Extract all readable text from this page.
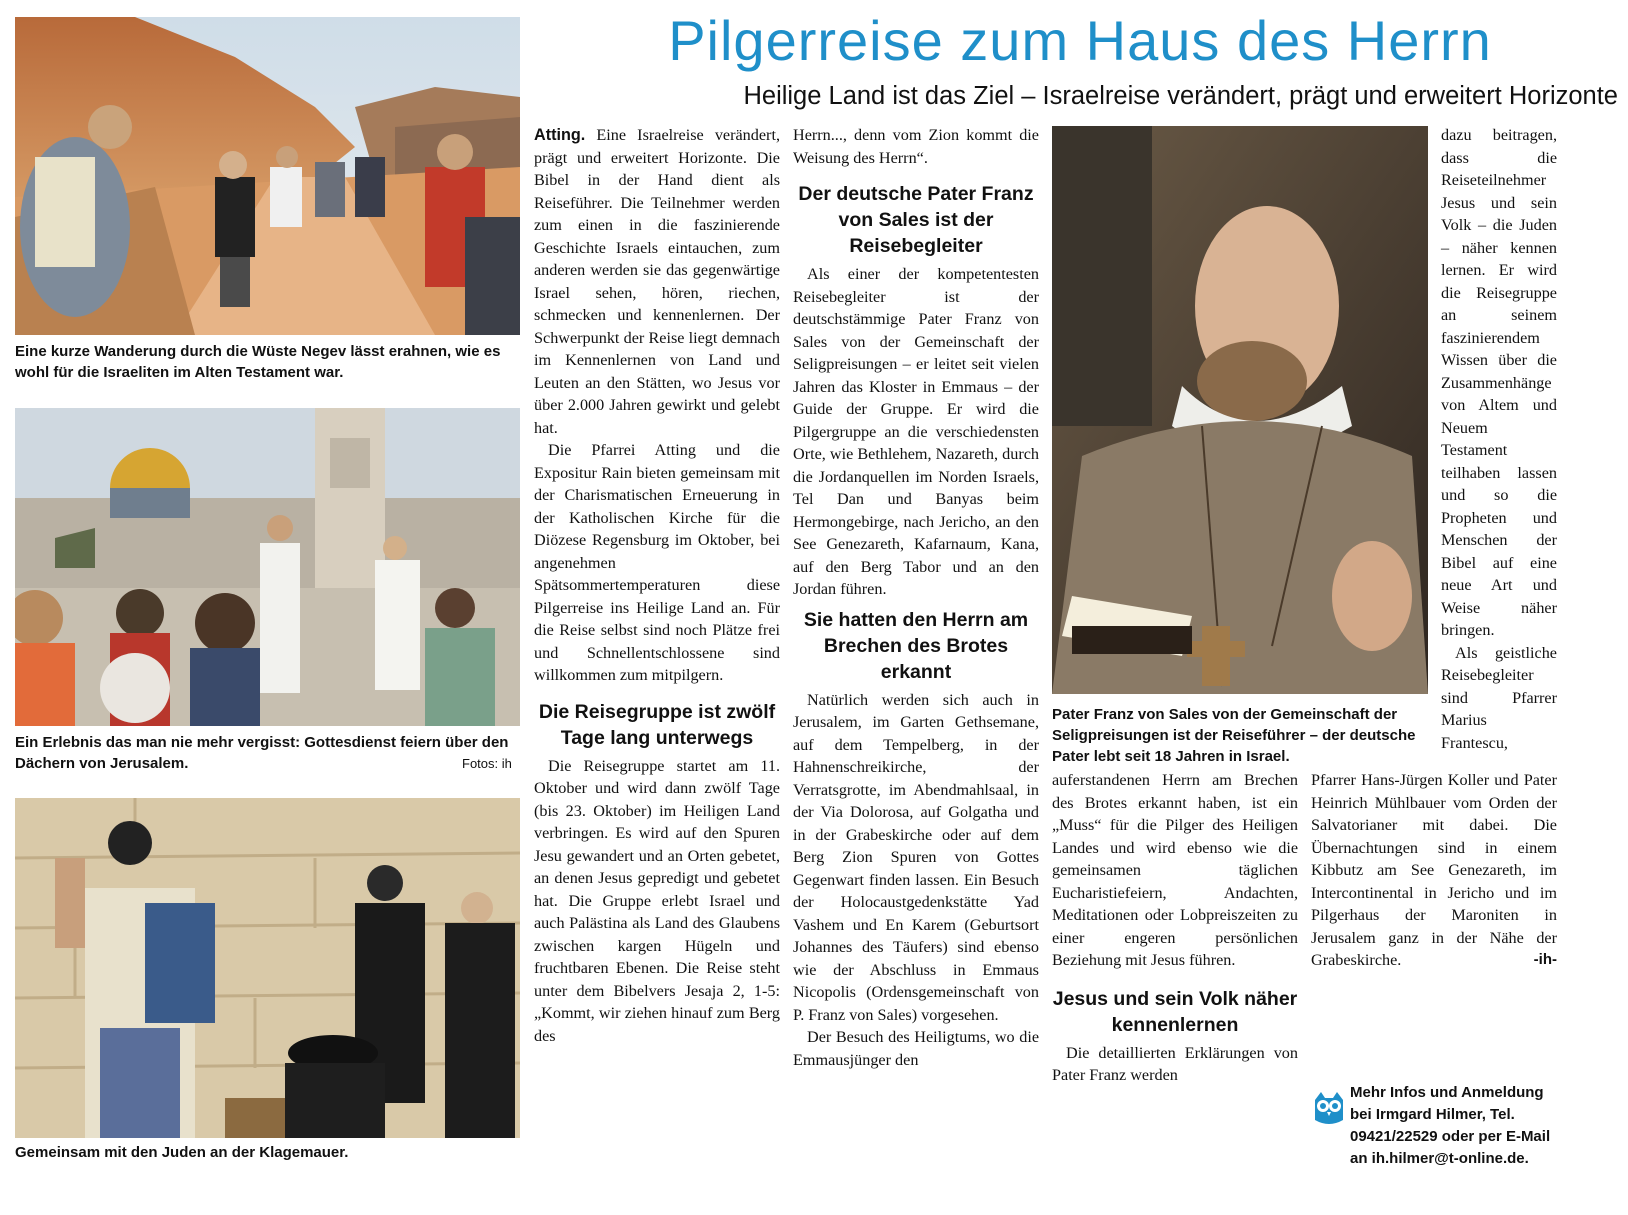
Pilgerreise zum Haus des Herrn
Heilige Land ist das Ziel – Israelreise verändert, prägt und erweitert Horizonte
Eine kurze Wanderung durch die Wüste Negev lässt erahnen, wie es wohl für die Israeliten im Alten Testament war.
Ein Erlebnis das man nie mehr vergisst: Gottesdienst feiern über den Dächern von Jerusalem.	Fotos: ih
Gemeinsam mit den Juden an der Klagemauer.

Atting. Eine Israelreise verändert, prägt und erweitert Horizonte. Die Bibel in der Hand dient als Reiseführer. Die Teilnehmer werden zum einen in die faszinierende Geschichte Israels eintauchen, zum anderen werden sie das gegenwärtige Israel sehen, hören, riechen, schmecken und kennenlernen. Der Schwerpunkt der Reise liegt demnach im Kennenlernen von Land und Leuten an den Stätten, wo Jesus vor über 2.000 Jahren gewirkt und gelebt hat.

Die Pfarrei Atting und die Expositur Rain bieten gemeinsam mit der Charismatischen Erneuerung in der Katholischen Kirche für die Diözese Regensburg im Oktober, bei angenehmen Spätsommertemperaturen diese Pilgerreise ins Heilige Land an. Für die Reise selbst sind noch Plätze frei und Schnellentschlossene sind willkommen zum mitpilgern.

Die Reisegruppe ist zwölf Tage lang unterwegs

Die Reisegruppe startet am 11. Oktober und wird dann zwölf Tage (bis 23. Oktober) im Heiligen Land verbringen. Es wird auf den Spuren Jesu gewandert und an Orten gebetet, an denen Jesus gepredigt und gebetet hat. Die Gruppe erlebt Israel und auch Palästina als Land des Glaubens zwischen kargen Hügeln und fruchtbaren Ebenen. Die Reise steht unter dem Bibelvers Jesaja 2, 1-5: „Kommt, wir ziehen hinauf zum Berg des

Herrn..., denn vom Zion kommt die Weisung des Herrn“.

Der deutsche Pater Franz von Sales ist der Reisebegleiter

Als einer der kompetentesten Reisebegleiter ist der deutschstämmige Pater Franz von Sales von der Gemeinschaft der Seligpreisungen – er leitet seit vielen Jahren das Kloster in Emmaus – der Guide der Gruppe. Er wird die Pilgergruppe an die verschiedensten Orte, wie Bethlehem, Nazareth, durch die Jordanquellen im Norden Israels, Tel Dan und Banyas beim Hermongebirge, nach Jericho, an den See Genezareth, Kafarnaum, Kana, auf den Berg Tabor und an den Jordan führen.

Sie hatten den Herrn am Brechen des Brotes erkannt

Natürlich werden sich auch in Jerusalem, im Garten Gethsemane, auf dem Tempelberg, in der Hahnenschreikirche, der Verratsgrotte, im Abendmahlsaal, in der Via Dolorosa, auf Golgatha und in der Grabeskirche oder auf dem Berg Zion Spuren von Gottes Gegenwart finden lassen. Ein Besuch der Holocaustgedenkstätte Yad Vashem und En Karem (Geburtsort Johannes des Täufers) sind ebenso wie der Abschluss in Emmaus Nicopolis (Ordensgemeinschaft von P. Franz von Sales) vorgesehen.

Der Besuch des Heiligtums, wo die Emmausjünger den

Pater Franz von Sales von der Gemeinschaft der Seligpreisungen ist der Reiseführer – der deutsche Pater lebt seit 18 Jahren in Israel.

auferstandenen Herrn am Brechen des Brotes erkannt haben, ist ein „Muss“ für die Pilger des Heiligen Landes und wird ebenso wie die gemeinsamen täglichen Eucharistiefeiern, Andachten, Meditationen oder Lobpreiszeiten zu einer engeren persönlichen Beziehung mit Jesus führen.

Jesus und sein Volk näher kennenlernen

Die detaillierten Erklärungen von Pater Franz werden

dazu beitragen, dass die Reiseteilnehmer Jesus und sein Volk – die Juden – näher kennen lernen. Er wird die Reisegruppe an seinem faszinierendem Wissen über die Zusammenhänge von Altem und Neuem Testament teilhaben lassen und so die Propheten und Menschen der Bibel auf eine neue Art und Weise näher bringen.

Als geistliche Reisebegleiter sind Pfarrer Marius Frantescu,

Pfarrer Hans-Jürgen Koller und Pater Heinrich Mühlbauer vom Orden der Salvatorianer mit dabei. Die Übernachtungen sind in einem Kibbutz am See Genezareth, im Intercontinental in Jericho und im Pilgerhaus der Maroniten in Jerusalem ganz in der Nähe der Grabeskirche.	-ih-
Mehr Infos und Anmeldung bei Irmgard Hilmer, Tel. 09421/22529 oder per E-Mail an ih.hilmer@t-online.de.
